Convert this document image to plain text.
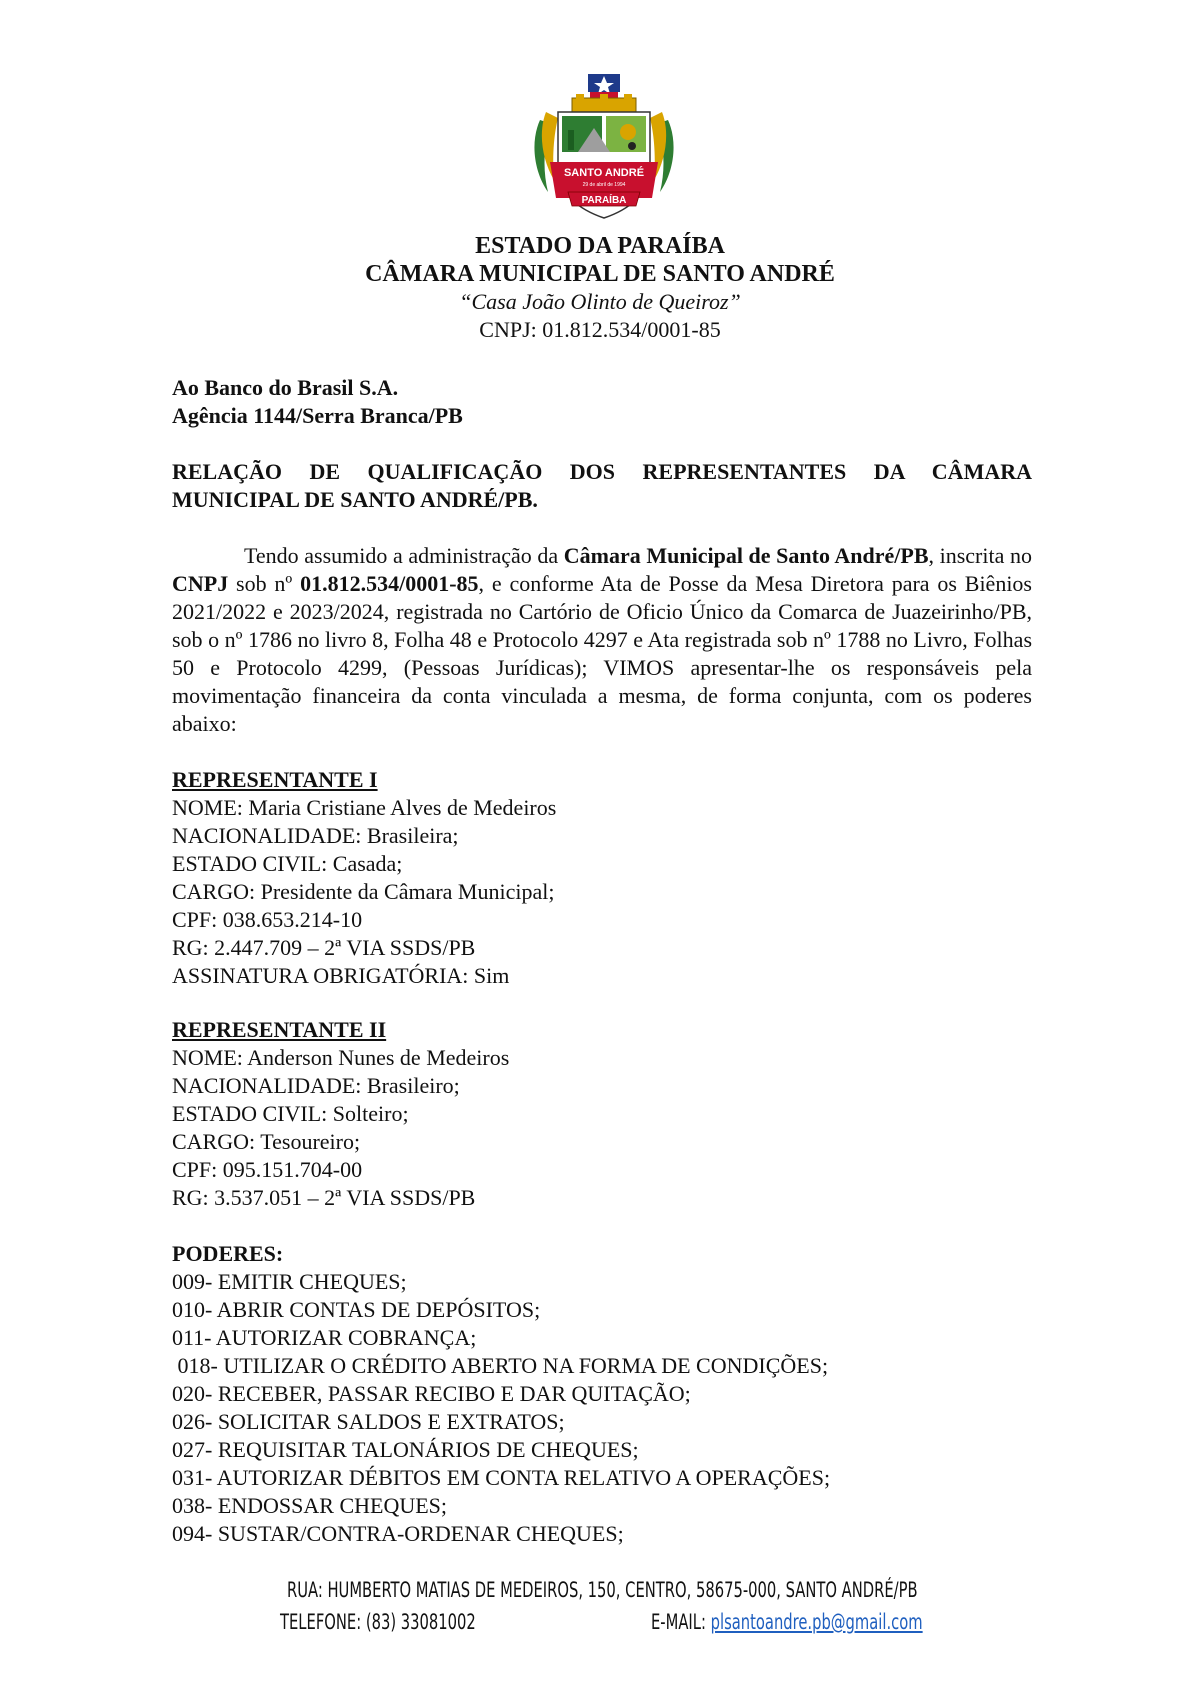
SANTO ANDRÉ
29 de abril de 1994
PARAÍBA
ESTADO DA PARAÍBA
CÂMARA MUNICIPAL DE SANTO ANDRÉ
“Casa João Olinto de Queiroz”
CNPJ: 01.812.534/0001-85
Ao Banco do Brasil S.A.
Agência 1144/Serra Branca/PB
RELAÇÃO DE QUALIFICAÇÃO DOS REPRESENTANTES DA CÂMARA MUNICIPAL DE SANTO ANDRÉ/PB.
Tendo assumido a administração da Câmara Municipal de Santo André/PB, inscrita no CNPJ sob nº 01.812.534/0001-85, e conforme Ata de Posse da Mesa Diretora para os Biênios 2021/2022 e 2023/2024, registrada no Cartório de Oficio Único da Comarca de Juazeirinho/PB, sob o nº 1786 no livro 8, Folha 48 e Protocolo 4297 e Ata registrada sob nº 1788 no Livro, Folhas 50 e Protocolo 4299, (Pessoas Jurídicas); VIMOS apresentar-lhe os responsáveis pela movimentação financeira da conta vinculada a mesma, de forma conjunta, com os poderes abaixo:
REPRESENTANTE I
NOME: Maria Cristiane Alves de Medeiros
NACIONALIDADE: Brasileira;
ESTADO CIVIL: Casada;
CARGO: Presidente da Câmara Municipal;
CPF: 038.653.214-10
RG: 2.447.709 – 2ª VIA SSDS/PB
ASSINATURA OBRIGATÓRIA: Sim
REPRESENTANTE II
NOME: Anderson Nunes de Medeiros
NACIONALIDADE: Brasileiro;
ESTADO CIVIL: Solteiro;
CARGO: Tesoureiro;
CPF: 095.151.704-00
RG: 3.537.051 – 2ª VIA SSDS/PB
PODERES:
009- EMITIR CHEQUES;
010- ABRIR CONTAS DE DEPÓSITOS;
011- AUTORIZAR COBRANÇA;
018- UTILIZAR O CRÉDITO ABERTO NA FORMA DE CONDIÇÕES;
020- RECEBER, PASSAR RECIBO E DAR QUITAÇÃO;
026- SOLICITAR SALDOS E EXTRATOS;
027- REQUISITAR TALONÁRIOS DE CHEQUES;
031- AUTORIZAR DÉBITOS EM CONTA RELATIVO A OPERAÇÕES;
038- ENDOSSAR CHEQUES;
094- SUSTAR/CONTRA-ORDENAR CHEQUES;
RUA: HUMBERTO MATIAS DE MEDEIROS, 150, CENTRO, 58675-000, SANTO ANDRÉ/PB
TELEFONE: (83) 33081002	E-MAIL: plsantoandre.pb@gmail.com
